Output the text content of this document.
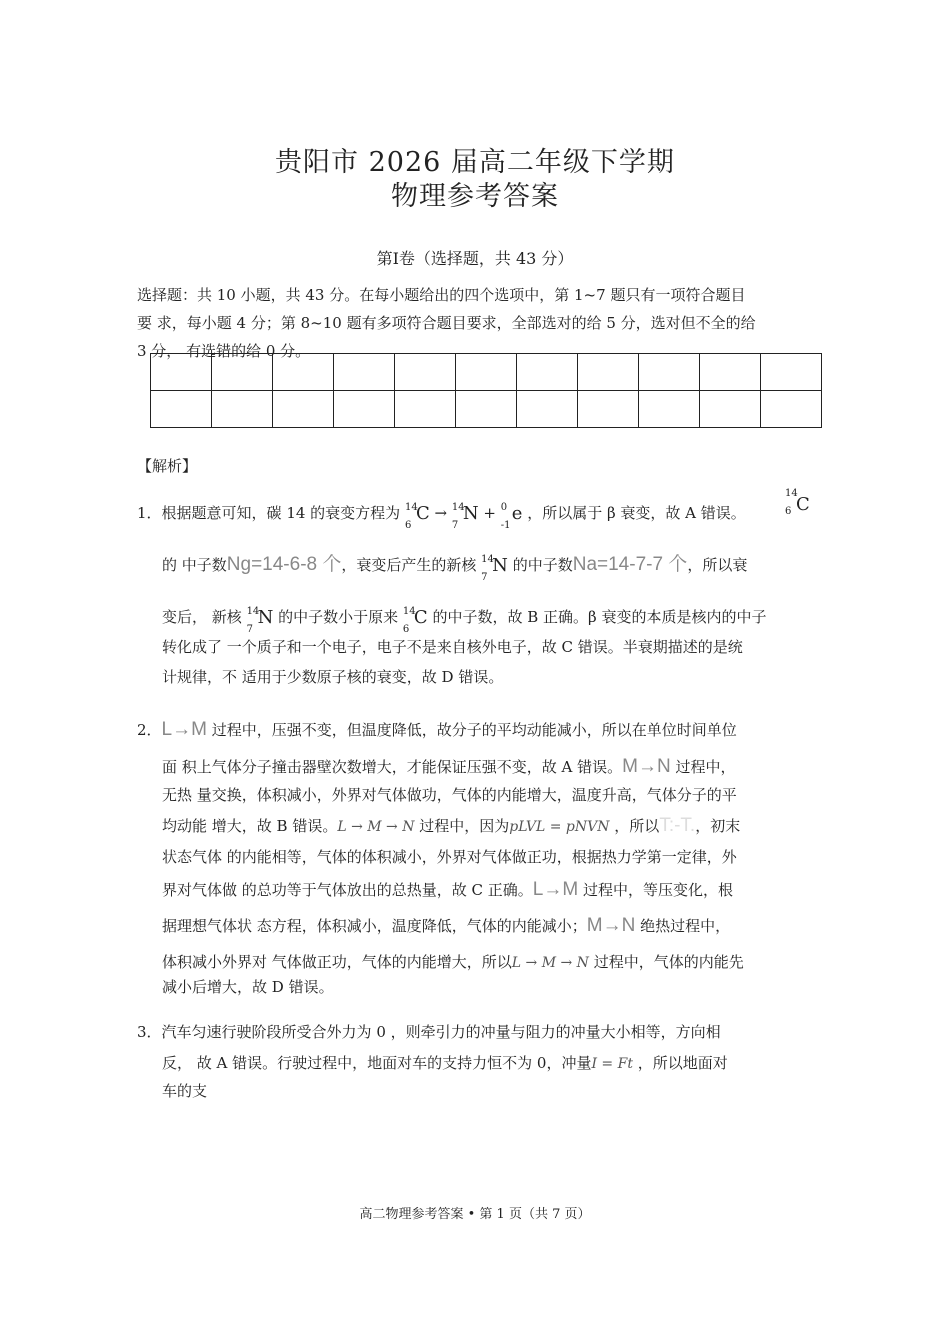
贵阳市 2026 届高二年级下学期
物理参考答案
第Ⅰ卷（选择题，共 43 分）
选择题：共 10 小题，共 43 分。在每小题给出的四个选项中，第 1~7 题只有一项符合题目
要 求，每小题 4 分；第 8~10 题有多项符合题目要求，全部选对的给 5 分，选对但不全的给
3 分， 有选错的给 0 分。

【解析】
1．根据题意可知，碳 14 的衰变方程为 14
6
C → 14
7
N + 0
-1
e ，所以属于 β 衰变，故 A 错误。
14
6 C
的 中子数Ng=14-6-8 个，衰变后产生的新核 14
7
N 的中子数Na=14-7-7 个，所以衰
变后， 新核 14
7
N 的中子数小于原来 14
6
C 的中子数，故 B 正确。β 衰变的本质是核内的中子
转化成了 一个质子和一个电子，电子不是来自核外电子，故 C 错误。半衰期描述的是统
计规律，不 适用于少数原子核的衰变，故 D 错误。
2．L→M 过程中，压强不变，但温度降低，故分子的平均动能减小，所以在单位时间单位
面 积上气体分子撞击器壁次数增大，才能保证压强不变，故 A 错误。M→N 过程中，
无热 量交换，体积减小，外界对气体做功，气体的内能增大，温度升高，气体分子的平
均动能 增大，故 B 错误。L → M → N 过程中，因为pLVL = pNVN ，所以T:-T.，初末
状态气体 的内能相等，气体的体积减小，外界对气体做正功，根据热力学第一定律，外
界对气体做 的总功等于气体放出的总热量，故 C 正确。L→M 过程中，等压变化，根
据理想气体状 态方程，体积减小，温度降低，气体的内能减小；M→N 绝热过程中，
体积减小外界对 气体做正功，气体的内能增大，所以L → M → N 过程中，气体的内能先
减小后增大，故 D 错误。
3．汽车匀速行驶阶段所受合外力为 0 ，则牵引力的冲量与阻力的冲量大小相等，方向相
反， 故 A 错误。行驶过程中，地面对车的支持力恒不为 0，冲量I = Ft ，所以地面对
车的支
高二物理参考答案 • 第 1 页（共 7 页）
